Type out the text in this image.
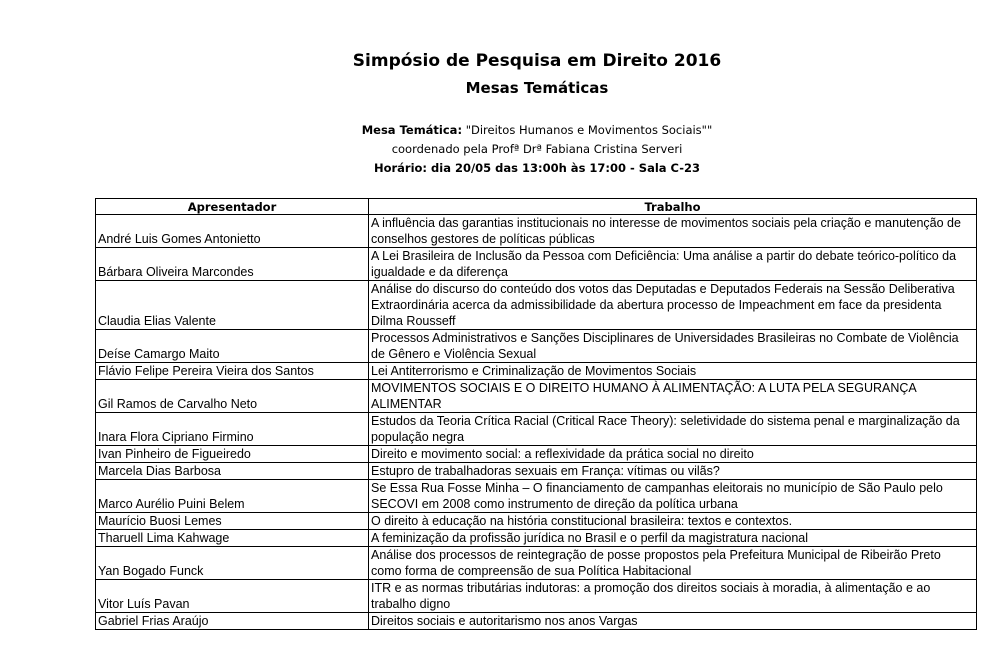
Simpósio de Pesquisa em Direito 2016
Mesas Temáticas
Mesa Temática: "Direitos Humanos e Movimentos Sociais""
coordenado pela Profª Drª Fabiana Cristina Serveri
Horário: dia 20/05 das 13:00h às 17:00 - Sala C-23
Apresentador	Trabalho
André Luis Gomes Antonietto	A influência das garantias institucionais no interesse de movimentos sociais pela criação e manutenção de conselhos gestores de políticas públicas
Bárbara Oliveira Marcondes	A Lei Brasileira de Inclusão da Pessoa com Deficiência: Uma análise a partir do debate teórico-político da igualdade e da diferença
Claudia Elias Valente	Análise do discurso do conteúdo dos votos das Deputadas e Deputados Federais na Sessão Deliberativa Extraordinária acerca da admissibilidade da abertura processo de Impeachment em face da presidenta Dilma Rousseff
Deíse Camargo Maito	Processos Administrativos e Sanções Disciplinares de Universidades Brasileiras no Combate de Violência de Gênero e Violência Sexual
Flávio Felipe Pereira Vieira dos Santos	Lei Antiterrorismo e Criminalização de Movimentos Sociais
Gil Ramos de Carvalho Neto	MOVIMENTOS SOCIAIS E O DIREITO HUMANO À ALIMENTAÇÃO: A LUTA PELA SEGURANÇA ALIMENTAR
Inara Flora Cipriano Firmino	Estudos da Teoria Crítica Racial (Critical Race Theory): seletividade do sistema penal e marginalização da população negra
Ivan Pinheiro de Figueiredo	Direito e movimento social: a reflexividade da prática social no direito
Marcela Dias Barbosa	Estupro de trabalhadoras sexuais em França: vítimas ou vilãs?
Marco Aurélio Puini Belem	Se Essa Rua Fosse Minha – O financiamento de campanhas eleitorais no município de São Paulo pelo SECOVI em 2008 como instrumento de direção da política urbana
Maurício Buosi Lemes	O direito à educação na história constitucional brasileira: textos e contextos.
Tharuell Lima Kahwage	A feminização da profissão jurídica no Brasil e o perfil da magistratura nacional
Yan Bogado Funck	Análise dos processos de reintegração de posse propostos pela Prefeitura Municipal de Ribeirão Preto como forma de compreensão de sua Política Habitacional
Vitor Luís Pavan	ITR e as normas tributárias indutoras: a promoção dos direitos sociais à moradia, à alimentação e ao trabalho digno
Gabriel Frias Araújo	Direitos sociais e autoritarismo nos anos Vargas
